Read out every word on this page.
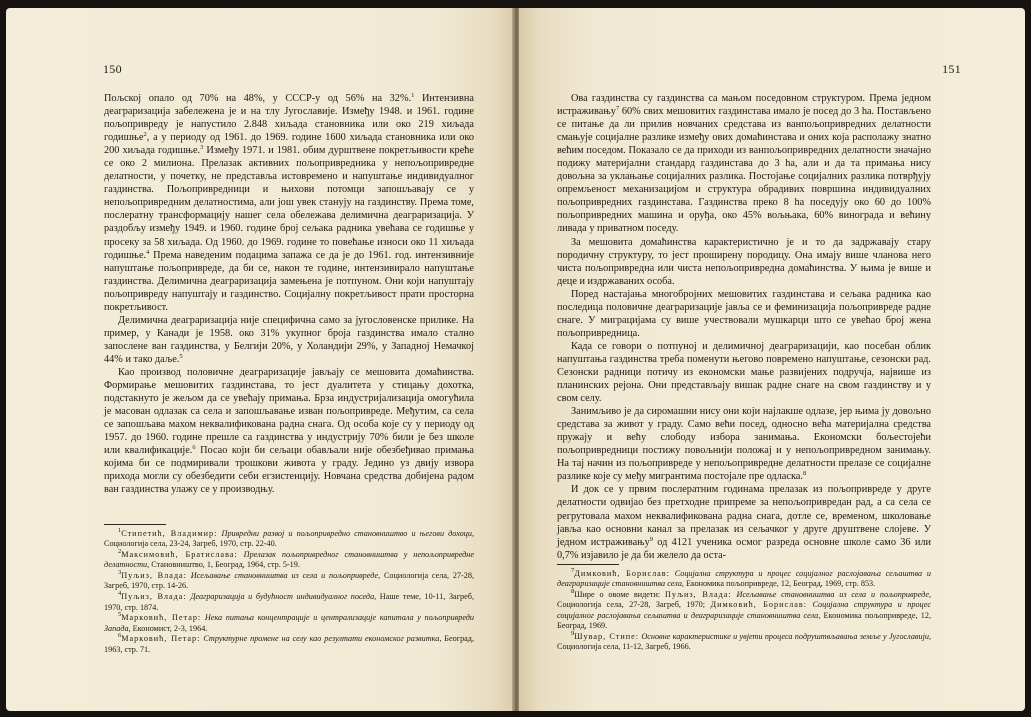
150

Пољској опало од 70% на 48%, у СССР-у од 56% на 32%.$^1$ Интензивна деаграризација забележена је и на тлу Југославије. Између 1948. и 1961. године пољопривреду је напустило 2.848 хиљада становника или око 219 хиљада годишње$^2$, а у периоду од 1961. до 1969. године 1600 хиљада становника или око 200 хиљада годишње.$^3$ Између 1971. и 1981. обим дурштвене покретљивости креће се око 2 милиона. Прелазак активних пољопривредника у непољопривредне делатности, у почетку, не представља истовремено и напуштање индивидуалног газдинства. Пољопривредници и њихови потомци запошљавају се у непољопривредним делатностима, али још увек станују на газдинству. Према томе, послератну трансформацију нашег села обележава делимична деаграризација. У раздобљу између 1949. и 1960. године број сељака радника увећава се годишње у просеку за 58 хиљада. Од 1960. до 1969. године то повећање износи око 11 хиљада годишње.$^4$ Према наведеним подацима запажа се да је до 1961. год. интензивније напуштање пољопривреде, да би се, након те године, интензивирало напуштање газдинства. Делимична деаграризација замењена је потпуном. Они који напуштају пољопривреду напуштају и газдинство. Социјалну покретљивост прати просторна покретљивост.

Делимична деаграризација није специфична само за југословенске прилике. На пример, у Канади је 1958. око 31% укупног броја газдинства имало стално запослене ван газдинства, у Белгији 20%, у Холандији 29%, у Западној Немачкој 44% и тако даље.$^5$

Као производ половичне деаграризације јављају се мешовита домаћинства. Формирање мешовитих газдинстава, то јест дуалитета у стицању дохотка, подстакнуто је жељом да се увећају примања. Брза индустријализација омогућила је масован одлазак са села и запошљавање изван пољопривреде. Међутим, са села се запошљава махом неквалификована радна снага. Од особа које су у периоду од 1957. до 1960. године прешле са газдинства у индустрију 70% били је без школе или квалификације.$^6$ Посао који би сељаци обављали није обезбеђивао примања којима би се подмиривали трошкови живота у граду. Једино уз двију извора прихода могли су обезбедити себи егзистенцију. Новчана средства добијена радом ван газдинства улажу се у производњу.

$^1$Стипетић, Владимир: Привредни развој и пољопривредно становништво и његови дохоци, Социологија села, 23-24, Загреб, 1970, стр. 22-40.

$^2$Максимовић, Братислава: Прелазак пољопривредног становништва у непољопривредне делатности, Становништво, 1, Београд, 1964, стр. 5-19.

$^3$Пуљиз, Влада: Исељавање становништва из села и пољопривреде, Социологија села, 27-28, Загреб, 1970, стр. 14-26.

$^4$Пуљиз, Влада: Деаграризација и будућност индивидуалног поседа, Наше теме, 10-11, Загреб, 1970, стр. 1874.

$^5$Марковић, Петар: Нека питања концентрације и централизације капитала у пољопривреди Запада, Економист, 2-3, 1964.

$^6$Марковић, Петар: Структурне промене на селу као резултати економског развитка, Београд, 1963, стр. 71.

151

Ова газдинства су газдинства са мањом поседовном структуром. Према једном истраживању$^7$ 60% свих мешовитих газдинстава имало је посед до 3 ha. Постављено се питање да ли прилив новчаних средстава из ванпољопривредних делатности смањује социјалне разлике између ових домаћинстава и оних која располажу знатно већим поседом. Показало се да приходи из ванпољопривредних делатности значајно подижу материјални стандард газдинстава до 3 ha, али и да та примања нису довољна за уклањање социјалних разлика. Постојање социјалних разлика потврђују опремљеност механизацијом и структура обрадивих површина индивидуалних пољопривредних газдинстава. Газдинства преко 8 ha поседују око 60 до 100% пољопривредних машина и оруђа, око 45% вољњака, 60% винограда и већину ливада у приватном поседу.

За мешовита домаћинства карактеристично је и то да задржавају стару породичну структуру, то јест проширену породицу. Она имају више чланова него чиста пољопривредна или чиста непољопривредна домаћинства. У њима је више и деце и издржаваних особа.

Поред настајања многобројних мешовитих газдинстава и сељака радника као последица половичне деаграризације јавља се и феминизација пољопривреде радне снаге. У миграцијама су више учествовали мушкарци што се увећао број жена пољопривредница.

Када се говори о потпуној и делимичној деаграризацији, као посебан облик напуштања газдинства треба поменути његово повремено напуштање, сезонски рад. Сезонски радници потичу из економски мање развијених подручја, највише из планинских рејона. Они представљају вишак радне снаге на свом газдинству и у свом селу.

Занимљиво је да сиромашни нису они који најлакше одлазе, јер њима ју довољно средстава за живот у граду. Само већи посед, односно већа материјална средства пружају и већу слободу избора занимања. Економски бољестојећи пољопривредници постижу повољнији положај и у непољопривредном занимању. На тај начин из пољопривреде у непољопривредне делатности прелазе се социјалне разлике које су међу мигрантима постојале пре одласка.$^8$

И док се у првим послератним годинама прелазак из пољопривреде у друге делатности одвијао без претходне припреме за непољопривредан рад, а са села се регрутовала махом неквалификована радна снага, дотле се, временом, школовање јавља као основни канал за прелазак из сељачког у друге друштвене слојеве. У једном истраживању$^9$ од 4121 ученика осмог разреда основне школе само 36 или 0,7% изјавило је да би желело да оста-

$^7$Димковић, Борислав: Социјална структура и процес социјалног раслојавања сељаштва и деаграризације становништва села, Економика пољопривреде, 12, Београд, 1969, стр. 853.

$^8$Шире о овоме видети: Пуљиз, Влада: Исељавање становништва из села и пољопривреде, Социологија села, 27-28, Загреб, 1970; Димковић, Борислав: Социјална структура и процес социјалног раслојавања сељаштва и деаграризације становништва села, Економика пољопривреде, 12, Београд, 1969.

$^9$Шувар, Стипе: Основне карактеристике и увјети процеса подруштвљавања земље у Југославији, Социологија села, 11-12, Загреб, 1966.
